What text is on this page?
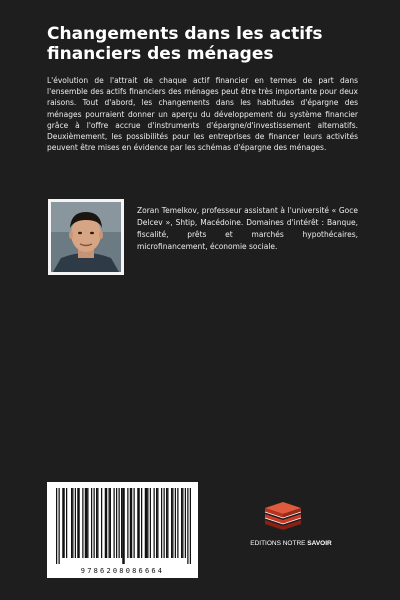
Changements dans les actifs financiers des ménages

L'évolution de l'attrait de chaque actif financier en termes de part dans l'ensemble des actifs financiers des ménages peut être très importante pour deux raisons. Tout d'abord, les changements dans les habitudes d'épargne des ménages pourraient donner un aperçu du développement du système financier grâce à l'offre accrue d'instruments d'épargne/d'investissement alternatifs. Deuxièmement, les possibilités pour les entreprises de financer leurs activités peuvent être mises en évidence par les schémas d'épargne des ménages.

Zoran Temelkov, professeur assistant à l'université « Goce Delcev », Shtip, Macédoine. Domaines d'intérêt : Banque, fiscalité, prêts et marchés hypothécaires, microfinancement, économie sociale.

9786208086664
EDITIONS NOTRE SAVOIR
